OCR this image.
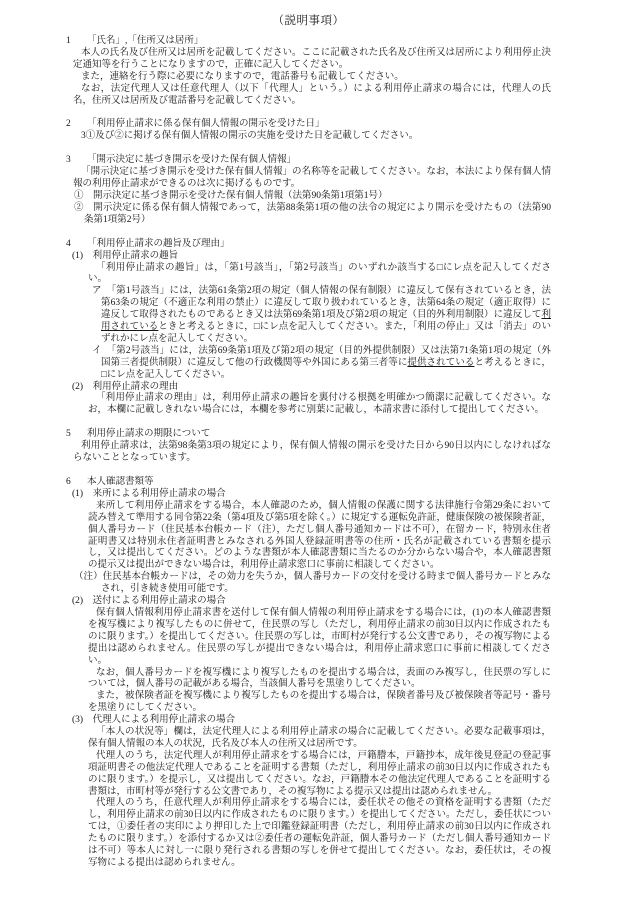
（説明事項）

1 「氏名」,「住所又は居所」

本人の氏名及び住所又は居所を記載してください。ここに記載された氏名及び住所又は居所により利用停止決定通知等を行うことになりますので，正確に記入してください。

また，連絡を行う際に必要になりますので，電話番号も記載してください。

なお，法定代理人又は任意代理人（以下「代理人」という。）による利用停止請求の場合には，代理人の氏名，住所又は居所及び電話番号を記載してください。

2 「利用停止請求に係る保有個人情報の開示を受けた日」

3①及び②に掲げる保有個人情報の開示の実施を受けた日を記載してください。

3 「開示決定に基づき開示を受けた保有個人情報」

「開示決定に基づき開示を受けた保有個人情報」の名称等を記載してください。なお，本法により保有個人情報の利用停止請求ができるのは次に掲げるものです。

①　開示決定に基づき開示を受けた保有個人情報（法第90条第1項第1号）

②　開示決定に係る保有個人情報であって，法第88条第1項の他の法令の規定により開示を受けたもの（法第90条第1項第2号）

4 「利用停止請求の趣旨及び理由」

(1)　利用停止請求の趣旨

「利用停止請求の趣旨」は，「第1号該当」，「第2号該当」のいずれか該当する□にレ点を記入してください。

ア　「第1号該当」には，法第61条第2項の規定（個人情報の保有制限）に違反して保有されているとき，法第63条の規定（不適正な利用の禁止）に違反して取り扱われているとき，法第64条の規定（適正取得）に違反して取得されたものであるとき又は法第69条第1項及び第2項の規定（目的外利用制限）に違反して利用されているときと考えるときに，□にレ点を記入してください。また，「利用の停止」又は「消去」のいずれかにレ点を記入してください。

イ　「第2号該当」には，法第69条第1項及び第2項の規定（目的外提供制限）又は法第71条第1項の規定（外国第三者提供制限）に違反して他の行政機関等や外国にある第三者等に提供されていると考えるときに，□にレ点を記入してください。

(2)　利用停止請求の理由

「利用停止請求の理由」は，利用停止請求の趣旨を裏付ける根拠を明確かつ簡潔に記載してください。なお，本欄に記載しきれない場合には，本欄を参考に別葉に記載し，本請求書に添付して提出してください。

5 利用停止請求の期限について

利用停止請求は，法第98条第3項の規定により，保有個人情報の開示を受けた日から90日以内にしなければならないこととなっています。

6 本人確認書類等

(1)　来所による利用停止請求の場合

来所して利用停止請求をする場合，本人確認のため，個人情報の保護に関する法律施行令第29条において読み替えて準用する同令第22条（第4項及び第5項を除く。）に規定する運転免許証，健康保険の被保険者証，個人番号カード（住民基本台帳カード（注），ただし個人番号通知カードは不可），在留カード，特別永住者証明書又は特別永住者証明書とみなされる外国人登録証明書等の住所・氏名が記載されている書類を提示し，又は提出してください。どのような書類が本人確認書類に当たるのか分からない場合や，本人確認書類の提示又は提出ができない場合は，利用停止請求窓口に事前に相談してください。

（注）住民基本台帳カードは，その効力を失うか，個人番号カードの交付を受ける時まで個人番号カードとみなされ，引き続き使用可能です。

(2)　送付による利用停止請求の場合

保有個人情報利用停止請求書を送付して保有個人情報の利用停止請求をする場合には，(1)の本人確認書類を複写機により複写したものに併せて，住民票の写し（ただし，利用停止請求の前30日以内に作成されたものに限ります。）を提出してください。住民票の写しは，市町村が発行する公文書であり，その複写物による提出は認められません。住民票の写しが提出できない場合は，利用停止請求窓口に事前に相談してください。

なお，個人番号カードを複写機により複写したものを提出する場合は，表面のみ複写し，住民票の写しについては，個人番号の記載がある場合，当該個人番号を黒塗りしてください。

また，被保険者証を複写機により複写したものを提出する場合は，保険者番号及び被保険者等記号・番号を黒塗りにしてください。

(3)　代理人による利用停止請求の場合

「本人の状況等」欄は，法定代理人による利用停止請求の場合に記載してください。必要な記載事項は，保有個人情報の本人の状況，氏名及び本人の住所又は居所です。

代理人のうち，法定代理人が利用停止請求をする場合には，戸籍謄本，戸籍抄本，成年後見登記の登記事項証明書その他法定代理人であることを証明する書類（ただし，利用停止請求の前30日以内に作成されたものに限ります。）を提示し，又は提出してください。なお，戸籍謄本その他法定代理人であることを証明する書類は，市町村等が発行する公文書であり，その複写物による提示又は提出は認められません。

代理人のうち，任意代理人が利用停止請求をする場合には，委任状その他その資格を証明する書類（ただし，利用停止請求の前30日以内に作成されたものに限ります。）を提出してください。ただし，委任状については，①委任者の実印により押印した上で印鑑登録証明書（ただし，利用停止請求の前30日以内に作成されたものに限ります。）を添付するか又は②委任者の運転免許証，個人番号カード（ただし個人番号通知カードは不可）等本人に対し一に限り発行される書類の写しを併せて提出してください。なお，委任状は，その複写物による提出は認められません。
